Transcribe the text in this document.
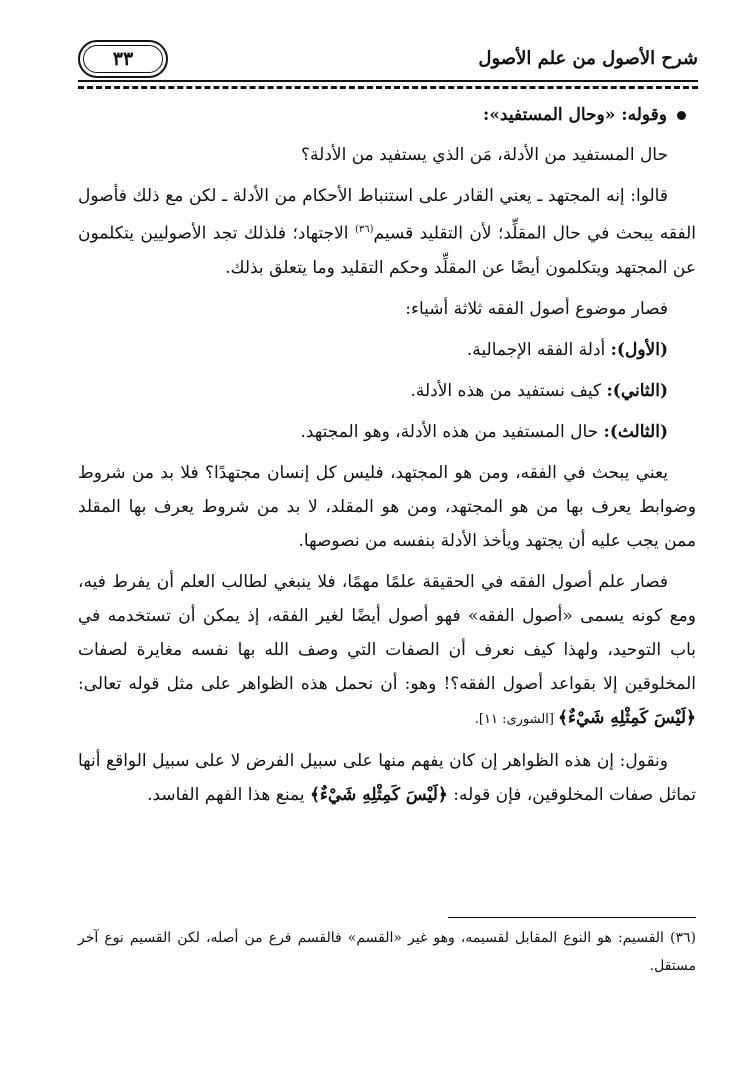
٣٣	شرح الأصول من علم الأصول

وقوله: «وحال المستفيد»:

حال المستفيد من الأدلة، مَن الذي يستفيد من الأدلة؟

قالوا: إنه المجتهد ـ يعني القادر على استنباط الأحكام من الأدلة ـ لكن مع ذلك فأصول الفقه يبحث في حال المقلِّد؛ لأن التقليد قسيم$^{(٣٦)}$ الاجتهاد؛ فلذلك تجد الأصوليين يتكلمون عن المجتهد ويتكلمون أيضًا عن المقلِّد وحكم التقليد وما يتعلق بذلك.

فصار موضوع أصول الفقه ثلاثة أشياء:

(الأول): أدلة الفقه الإجمالية.

(الثاني): كيف نستفيد من هذه الأدلة.

(الثالث): حال المستفيد من هذه الأدلة، وهو المجتهد.

يعني يبحث في الفقه، ومن هو المجتهد، فليس كل إنسان مجتهدًا؟ فلا بد من شروط وضوابط يعرف بها من هو المجتهد، ومن هو المقلد، لا بد من شروط يعرف بها المقلد ممن يجب عليه أن يجتهد ويأخذ الأدلة بنفسه من نصوصها.

فصار علم أصول الفقه في الحقيقة علمًا مهمًا، فلا ينبغي لطالب العلم أن يفرط فيه، ومع كونه يسمى «أصول الفقه» فهو أصول أيضًا لغير الفقه، إذ يمكن أن تستخدمه في باب التوحيد، ولهذا كيف نعرف أن الصفات التي وصف الله بها نفسه مغايرة لصفات المخلوقين إلا بقواعد أصول الفقه؟! وهو: أن نحمل هذه الظواهر على مثل قوله تعالى: ﴿لَيْسَ كَمِثْلِهِ شَيْءٌ﴾ [الشورى: ١١].

ونقول: إن هذه الظواهر إن كان يفهم منها على سبيل الفرض لا على سبيل الواقع أنها تماثل صفات المخلوقين، فإن قوله: ﴿لَيْسَ كَمِثْلِهِ شَيْءٌ﴾ يمنع هذا الفهم الفاسد.

(٣٦) القسيم: هو النوع المقابل لقسيمه، وهو غير «القسم» فالقسم فرع من أصله، لكن القسيم نوع آخر مستقل.
